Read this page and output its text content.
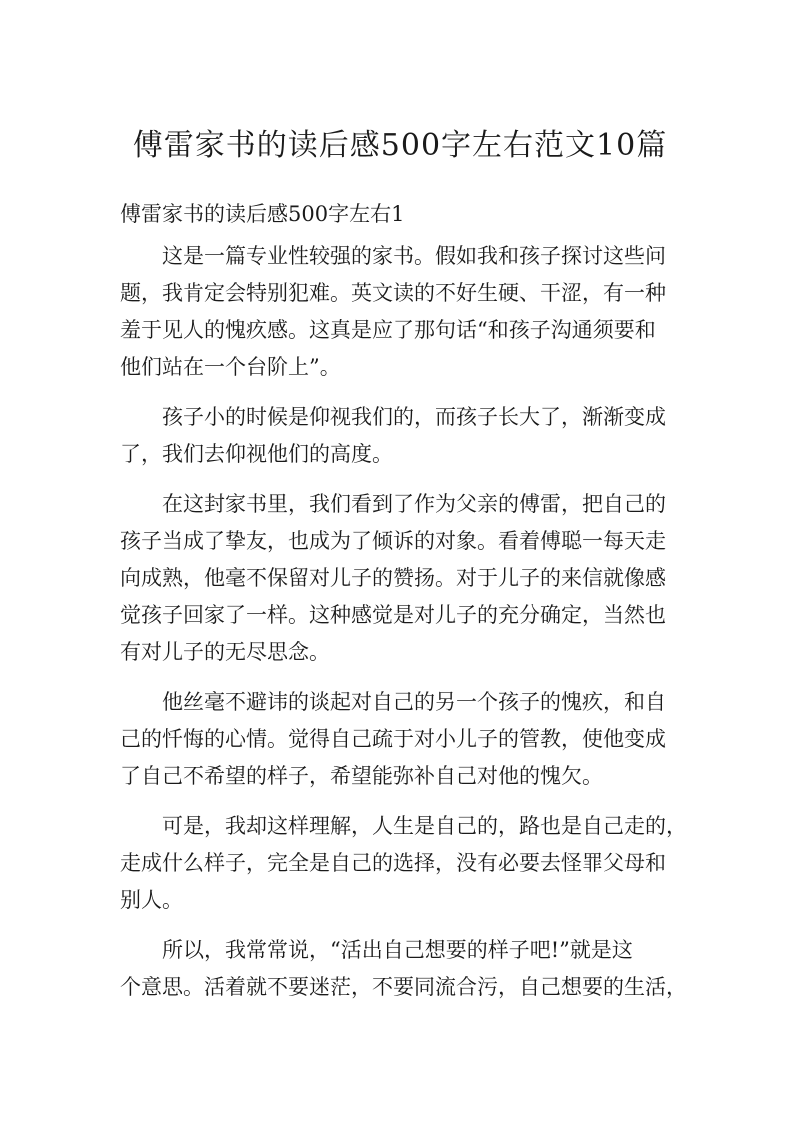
傅雷家书的读后感500字左右范文10篇
傅雷家书的读后感500字左右1
这是一篇专业性较强的家书。假如我和孩子探讨这些问
题，我肯定会特别犯难。英文读的不好生硬、干涩，有一种
羞于见人的愧疚感。这真是应了那句话“和孩子沟通须要和
他们站在一个台阶上”。
孩子小的时候是仰视我们的，而孩子长大了，渐渐变成
了，我们去仰视他们的高度。
在这封家书里，我们看到了作为父亲的傅雷，把自己的
孩子当成了挚友，也成为了倾诉的对象。看着傅聪一每天走
向成熟，他毫不保留对儿子的赞扬。对于儿子的来信就像感
觉孩子回家了一样。这种感觉是对儿子的充分确定，当然也
有对儿子的无尽思念。
他丝毫不避讳的谈起对自己的另一个孩子的愧疚，和自
己的忏悔的心情。觉得自己疏于对小儿子的管教，使他变成
了自己不希望的样子，希望能弥补自己对他的愧欠。
可是，我却这样理解，人生是自己的，路也是自己走的，
走成什么样子，完全是自己的选择，没有必要去怪罪父母和
别人。
所以，我常常说，“活出自己想要的样子吧!”就是这
个意思。活着就不要迷茫，不要同流合污，自己想要的生活，
